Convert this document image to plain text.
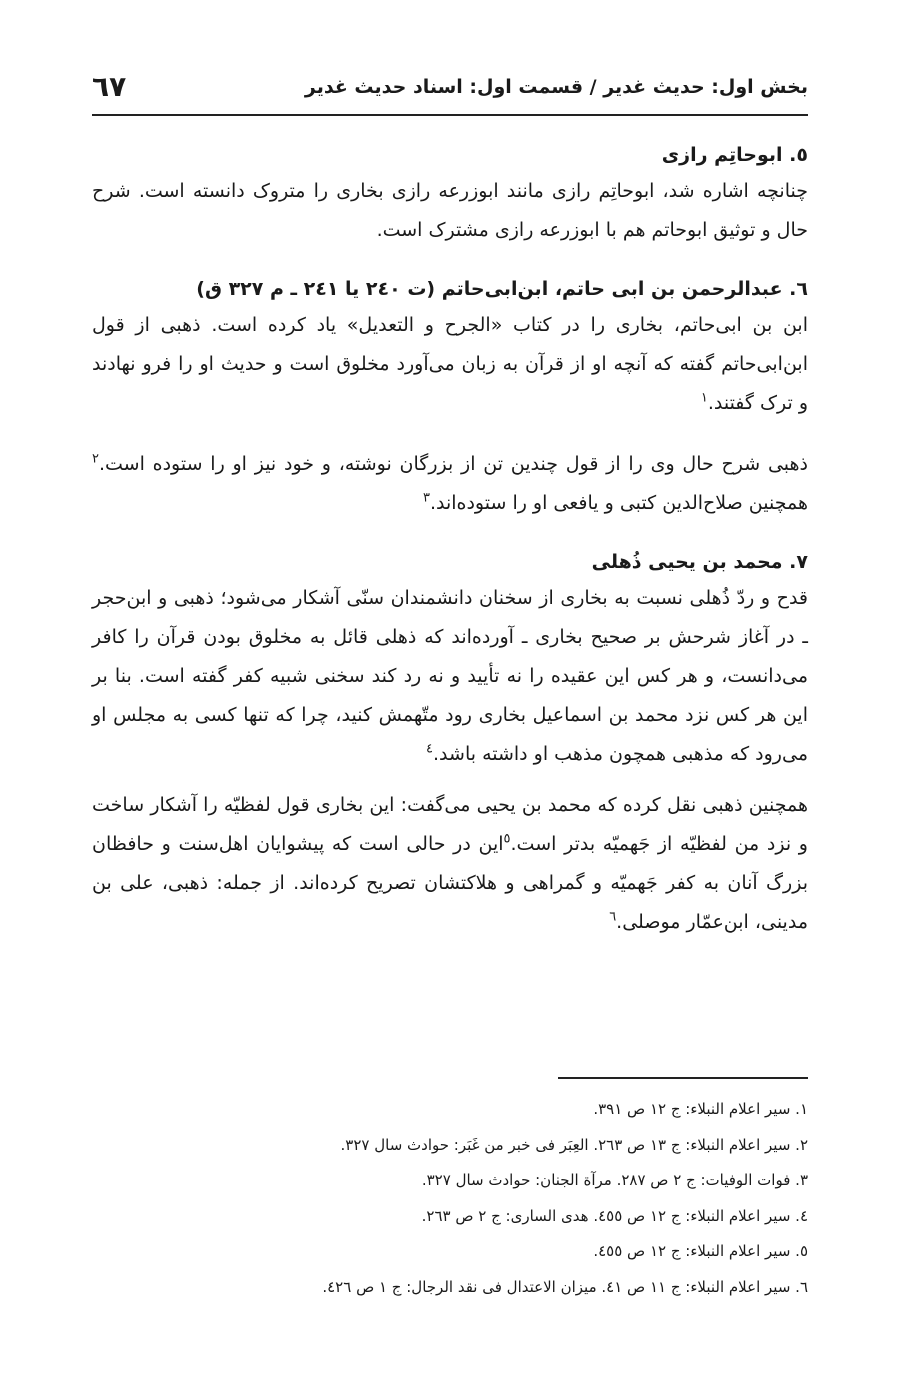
بخش اول: حدیث غدیر / قسمت اول: اسناد حدیث غدیر
٦٧

٥. ابوحاتِم رازی

چنانچه اشاره شد، ابوحاتِم رازی مانند ابوزرعه رازی بخاری را متروک دانسته است. شرح حال و توثیق ابوحاتم هم با ابوزرعه رازی مشترک است.

٦. عبدالرحمن بن ابی حاتم، ابن‌ابی‌حاتم (ت ٢٤٠ یا ٢٤١ ـ م ٣٢٧ ق)

ابن بن ابی‌حاتم، بخاری را در کتاب «الجرح و التعدیل» یاد کرده است. ذهبی از قول ابن‌ابی‌حاتم گفته که آنچه او از قرآن به زبان می‌آورد مخلوق است و حدیث او را فرو نهادند و ترک گفتند.$^١$

ذهبی شرح حال وی را از قول چندین تن از بزرگان نوشته، و خود نیز او را ستوده است.$^٢$ همچنین صلاح‌الدین کتبی و یافعی او را ستوده‌اند.$^٣$

٧. محمد بن یحیی ذُهلی

قدح و ردّ ذُهلی نسبت به بخاری از سخنان دانشمندان سنّی آشکار می‌شود؛ ذهبی و ابن‌حجر ـ در آغاز شرحش بر صحیح بخاری ـ آورده‌اند که ذهلی قائل به مخلوق بودن قرآن را کافر می‌دانست، و هر کس این عقیده را نه تأیید و نه رد کند سخنی شبیه کفر گفته است. بنا بر این هر کس نزد محمد بن اسماعیل بخاری رود متّهمش کنید، چرا که تنها کسی به مجلس او می‌رود که مذهبی همچون مذهب او داشته باشد.$^٤$

همچنین ذهبی نقل کرده که محمد بن یحیی می‌گفت: این بخاری قول لفظیّه را آشکار ساخت و نزد من لفظیّه از جَهمیّه بدتر است.$^٥$این در حالی است که پیشوایان اهل‌سنت و حافظان بزرگ آنان به کفر جَهمیّه و گمراهی و هلاکتشان تصریح کرده‌اند. از جمله: ذهبی، علی بن مدینی، ابن‌عمّار موصلی.$^٦$

١. سیر اعلام النبلاء: ج ١٢ ص ٣٩١.
٢. سیر اعلام النبلاء: ج ١٣ ص ٢٦٣. العِبَر فی خبر من غَبَر: حوادث سال ٣٢٧.
٣. فوات الوفیات: ج ٢ ص ٢٨٧. مرآة الجنان: حوادث سال ٣٢٧.
٤. سیر اعلام النبلاء: ج ١٢ ص ٤٥٥. هدی الساری: ج ٢ ص ٢٦٣.
٥. سیر اعلام النبلاء: ج ١٢ ص ٤٥٥.
٦. سیر اعلام النبلاء: ج ١١ ص ٤١. میزان الاعتدال فی نقد الرجال: ج ١ ص ٤٢٦.
